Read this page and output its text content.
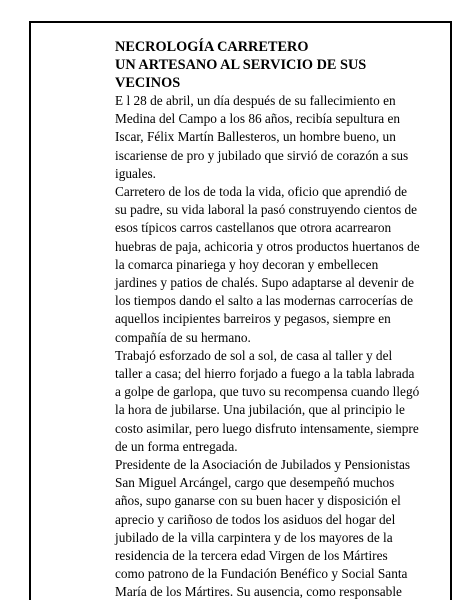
NECROLOGÍA CARRETERO
UN ARTESANO AL SERVICIO DE SUS VECINOS

E l 28 de abril, un día después de su fallecimiento en Medina del Campo a los 86 años, recibía sepultura en Iscar, Félix Martín Ballesteros, un hombre bueno, un iscariense de pro y jubilado que sirvió de corazón a sus iguales.

Carretero de los de toda la vida, oficio que aprendió de su padre, su vida laboral la pasó construyendo cientos de esos típicos carros castellanos que otrora acarrearon huebras de paja, achicoria y otros productos huertanos de la comarca pinariega y hoy decoran y embellecen jardines y patios de chalés. Supo adaptarse al devenir de los tiempos dando el salto a las modernas carrocerías de aquellos incipientes barreiros y pegasos, siempre en compañía de su hermano.

Trabajó esforzado de sol a sol, de casa al taller y del taller a casa; del hierro forjado a fuego a la tabla labrada a golpe de garlopa, que tuvo su recompensa cuando llegó la hora de jubilarse. Una jubilación, que al principio le costo asimilar, pero luego disfruto intensamente, siempre de un forma entregada.

Presidente de la Asociación de Jubilados y Pensionistas San Miguel Arcángel, cargo que desempeñó muchos años, supo ganarse con su buen hacer y disposición el aprecio y cariñoso de todos los asiduos del hogar del jubilado de la villa carpintera y de los mayores de la residencia de la tercera edad Virgen de los Mártires como patrono de la Fundación Benéfico y Social Santa María de los Mártires. Su ausencia, como responsable
